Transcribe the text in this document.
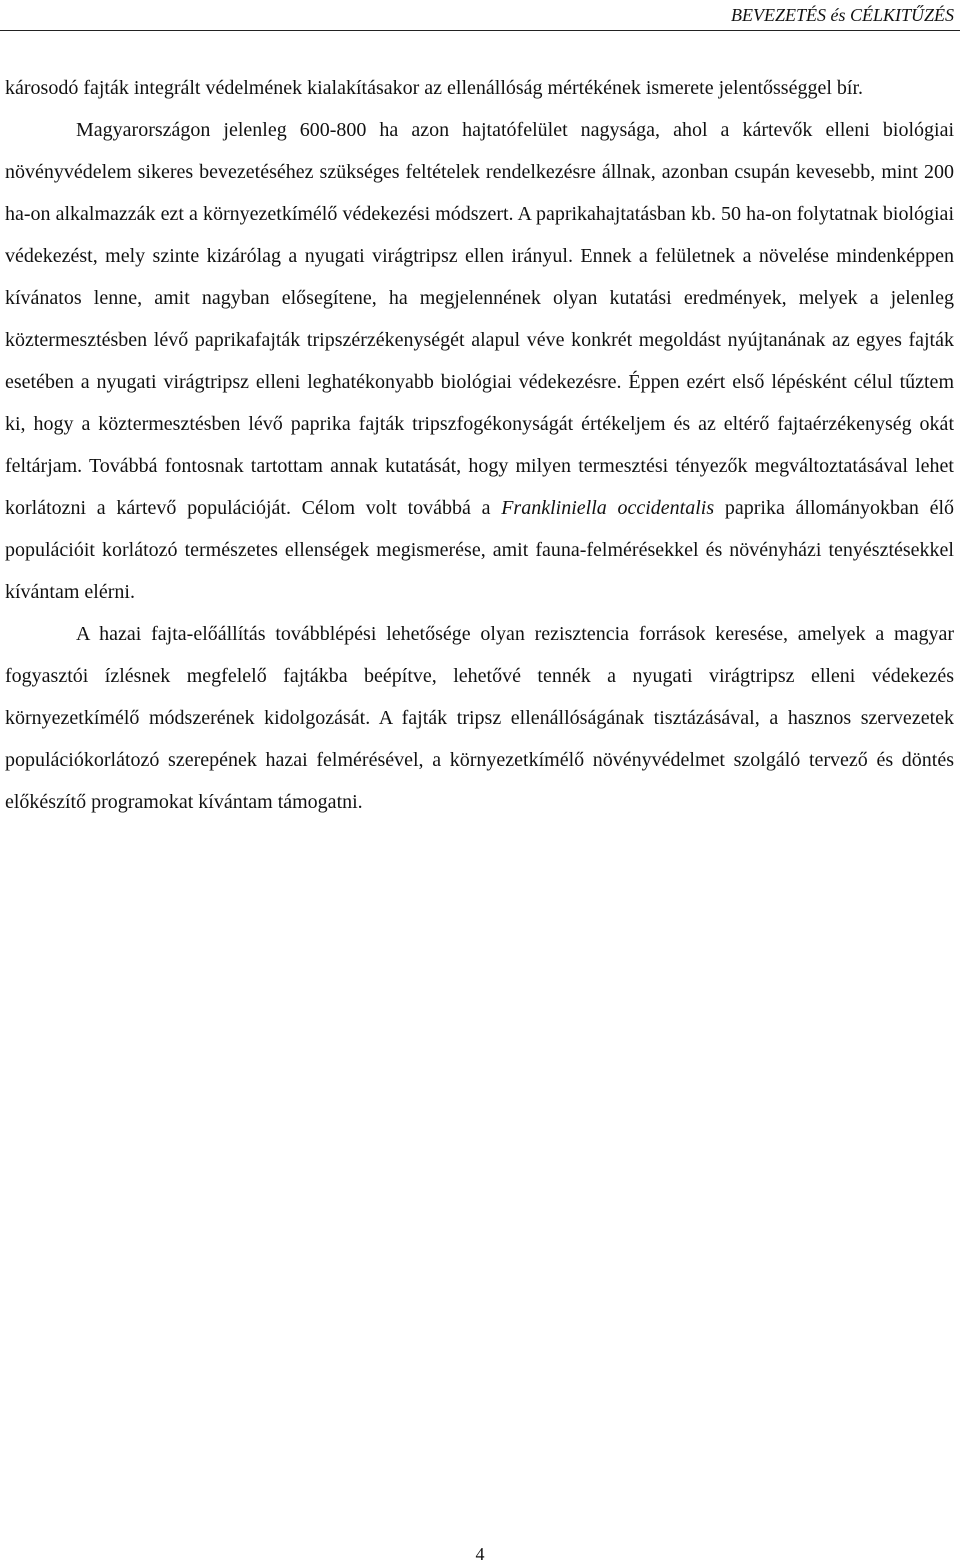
BEVEZETÉS és CÉLKITŰZÉS

károsodó fajták integrált védelmének kialakításakor az ellenállóság mértékének ismerete jelentősséggel bír.

Magyarországon jelenleg 600-800 ha azon hajtatófelület nagysága, ahol a kártevők elleni biológiai növényvédelem sikeres bevezetéséhez szükséges feltételek rendelkezésre állnak, azonban csupán kevesebb, mint 200 ha-on alkalmazzák ezt a környezetkímélő védekezési módszert. A paprikahajtatásban kb. 50 ha-on folytatnak biológiai védekezést, mely szinte kizárólag a nyugati virágtripsz ellen irányul. Ennek a felületnek a növelése mindenképpen kívánatos lenne, amit nagyban elősegítene, ha megjelennének olyan kutatási eredmények, melyek a jelenleg köztermesztésben lévő paprikafajták tripszérzékenységét alapul véve konkrét megoldást nyújtanának az egyes fajták esetében a nyugati virágtripsz elleni leghatékonyabb biológiai védekezésre. Éppen ezért első lépésként célul tűztem ki, hogy a köztermesztésben lévő paprika fajták tripszfogékonyságát értékeljem és az eltérő fajtaérzékenység okát feltárjam. Továbbá fontosnak tartottam annak kutatását, hogy milyen termesztési tényezők megváltoztatásával lehet korlátozni a kártevő populációját. Célom volt továbbá a Frankliniella occidentalis paprika állományokban élő populációit korlátozó természetes ellenségek megismerése, amit fauna-felmérésekkel és növényházi tenyésztésekkel kívántam elérni.

A hazai fajta-előállítás továbblépési lehetősége olyan rezisztencia források keresése, amelyek a magyar fogyasztói ízlésnek megfelelő fajtákba beépítve, lehetővé tennék a nyugati virágtripsz elleni védekezés környezetkímélő módszerének kidolgozását. A fajták tripsz ellenállóságának tisztázásával, a hasznos szervezetek populációkorlátozó szerepének hazai felmérésével, a környezetkímélő növényvédelmet szolgáló tervező és döntés előkészítő programokat kívántam támogatni.

4
